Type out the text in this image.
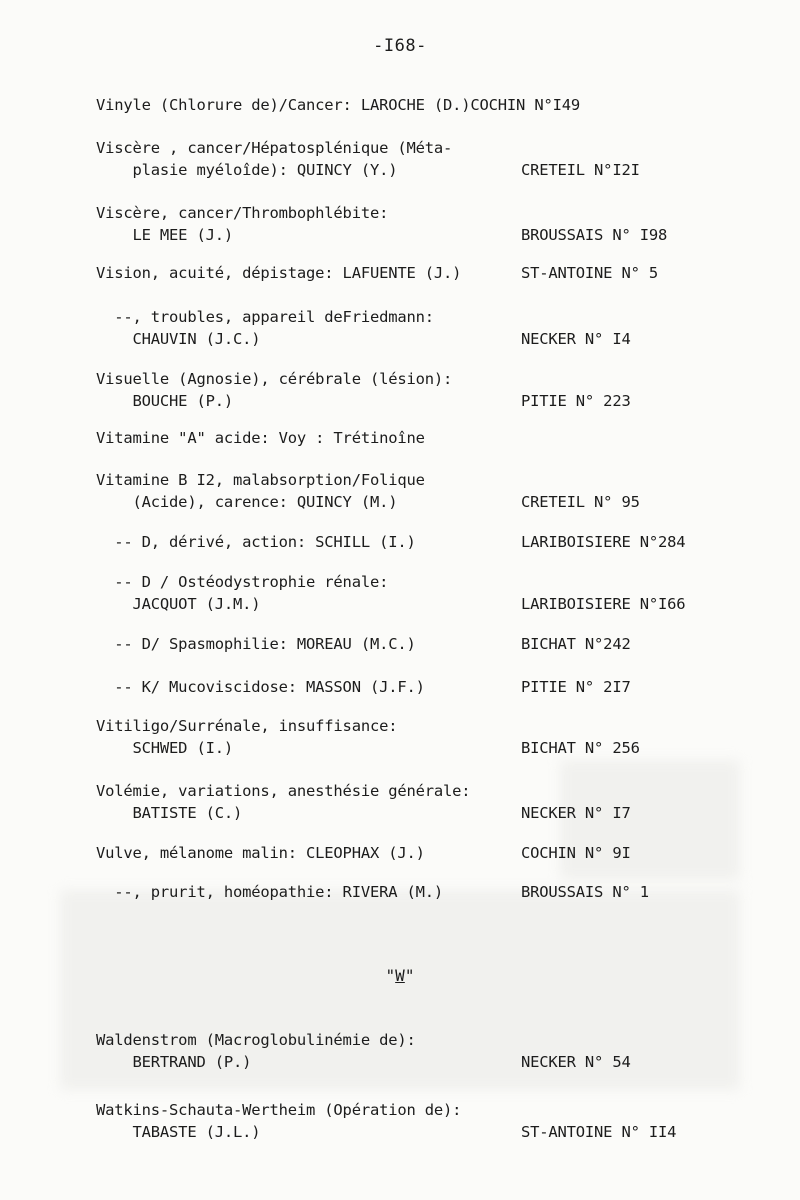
-I68-
Vinyle (Chlorure de)/Cancer: LAROCHE (D.)COCHIN N°I49
Viscère , cancer/Hépatosplénique (Méta-
plasie myéloîde): QUINCY (Y.)	CRETEIL N°I2I
Viscère, cancer/Thrombophlébite:
LE MEE (J.)	BROUSSAIS N° I98
Vision, acuité, dépistage: LAFUENTE (J.)	ST-ANTOINE N° 5
--, troubles, appareil deFriedmann:
CHAUVIN (J.C.)	NECKER N° I4
Visuelle (Agnosie), cérébrale (lésion):
BOUCHE (P.)	PITIE N° 223
Vitamine "A" acide: Voy : Trétinoîne
Vitamine B I2, malabsorption/Folique
(Acide), carence: QUINCY (M.)	CRETEIL N° 95
-- D, dérivé, action: SCHILL (I.)	LARIBOISIERE N°284
-- D / Ostéodystrophie rénale:
JACQUOT (J.M.)	LARIBOISIERE N°I66
-- D/ Spasmophilie: MOREAU (M.C.)	BICHAT N°242
-- K/ Mucoviscidose: MASSON (J.F.)	PITIE N° 2I7
Vitiligo/Surrénale, insuffisance:
SCHWED (I.)	BICHAT N° 256
Volémie, variations, anesthésie générale:
BATISTE (C.)	NECKER N° I7
Vulve, mélanome malin: CLEOPHAX (J.)	COCHIN N° 9I
--, prurit, homéopathie: RIVERA (M.)	BROUSSAIS N° 1
"W"
Waldenstrom (Macroglobulinémie de):
BERTRAND (P.)	NECKER N° 54
Watkins-Schauta-Wertheim (Opération de):
TABASTE (J.L.)	ST-ANTOINE N° II4
